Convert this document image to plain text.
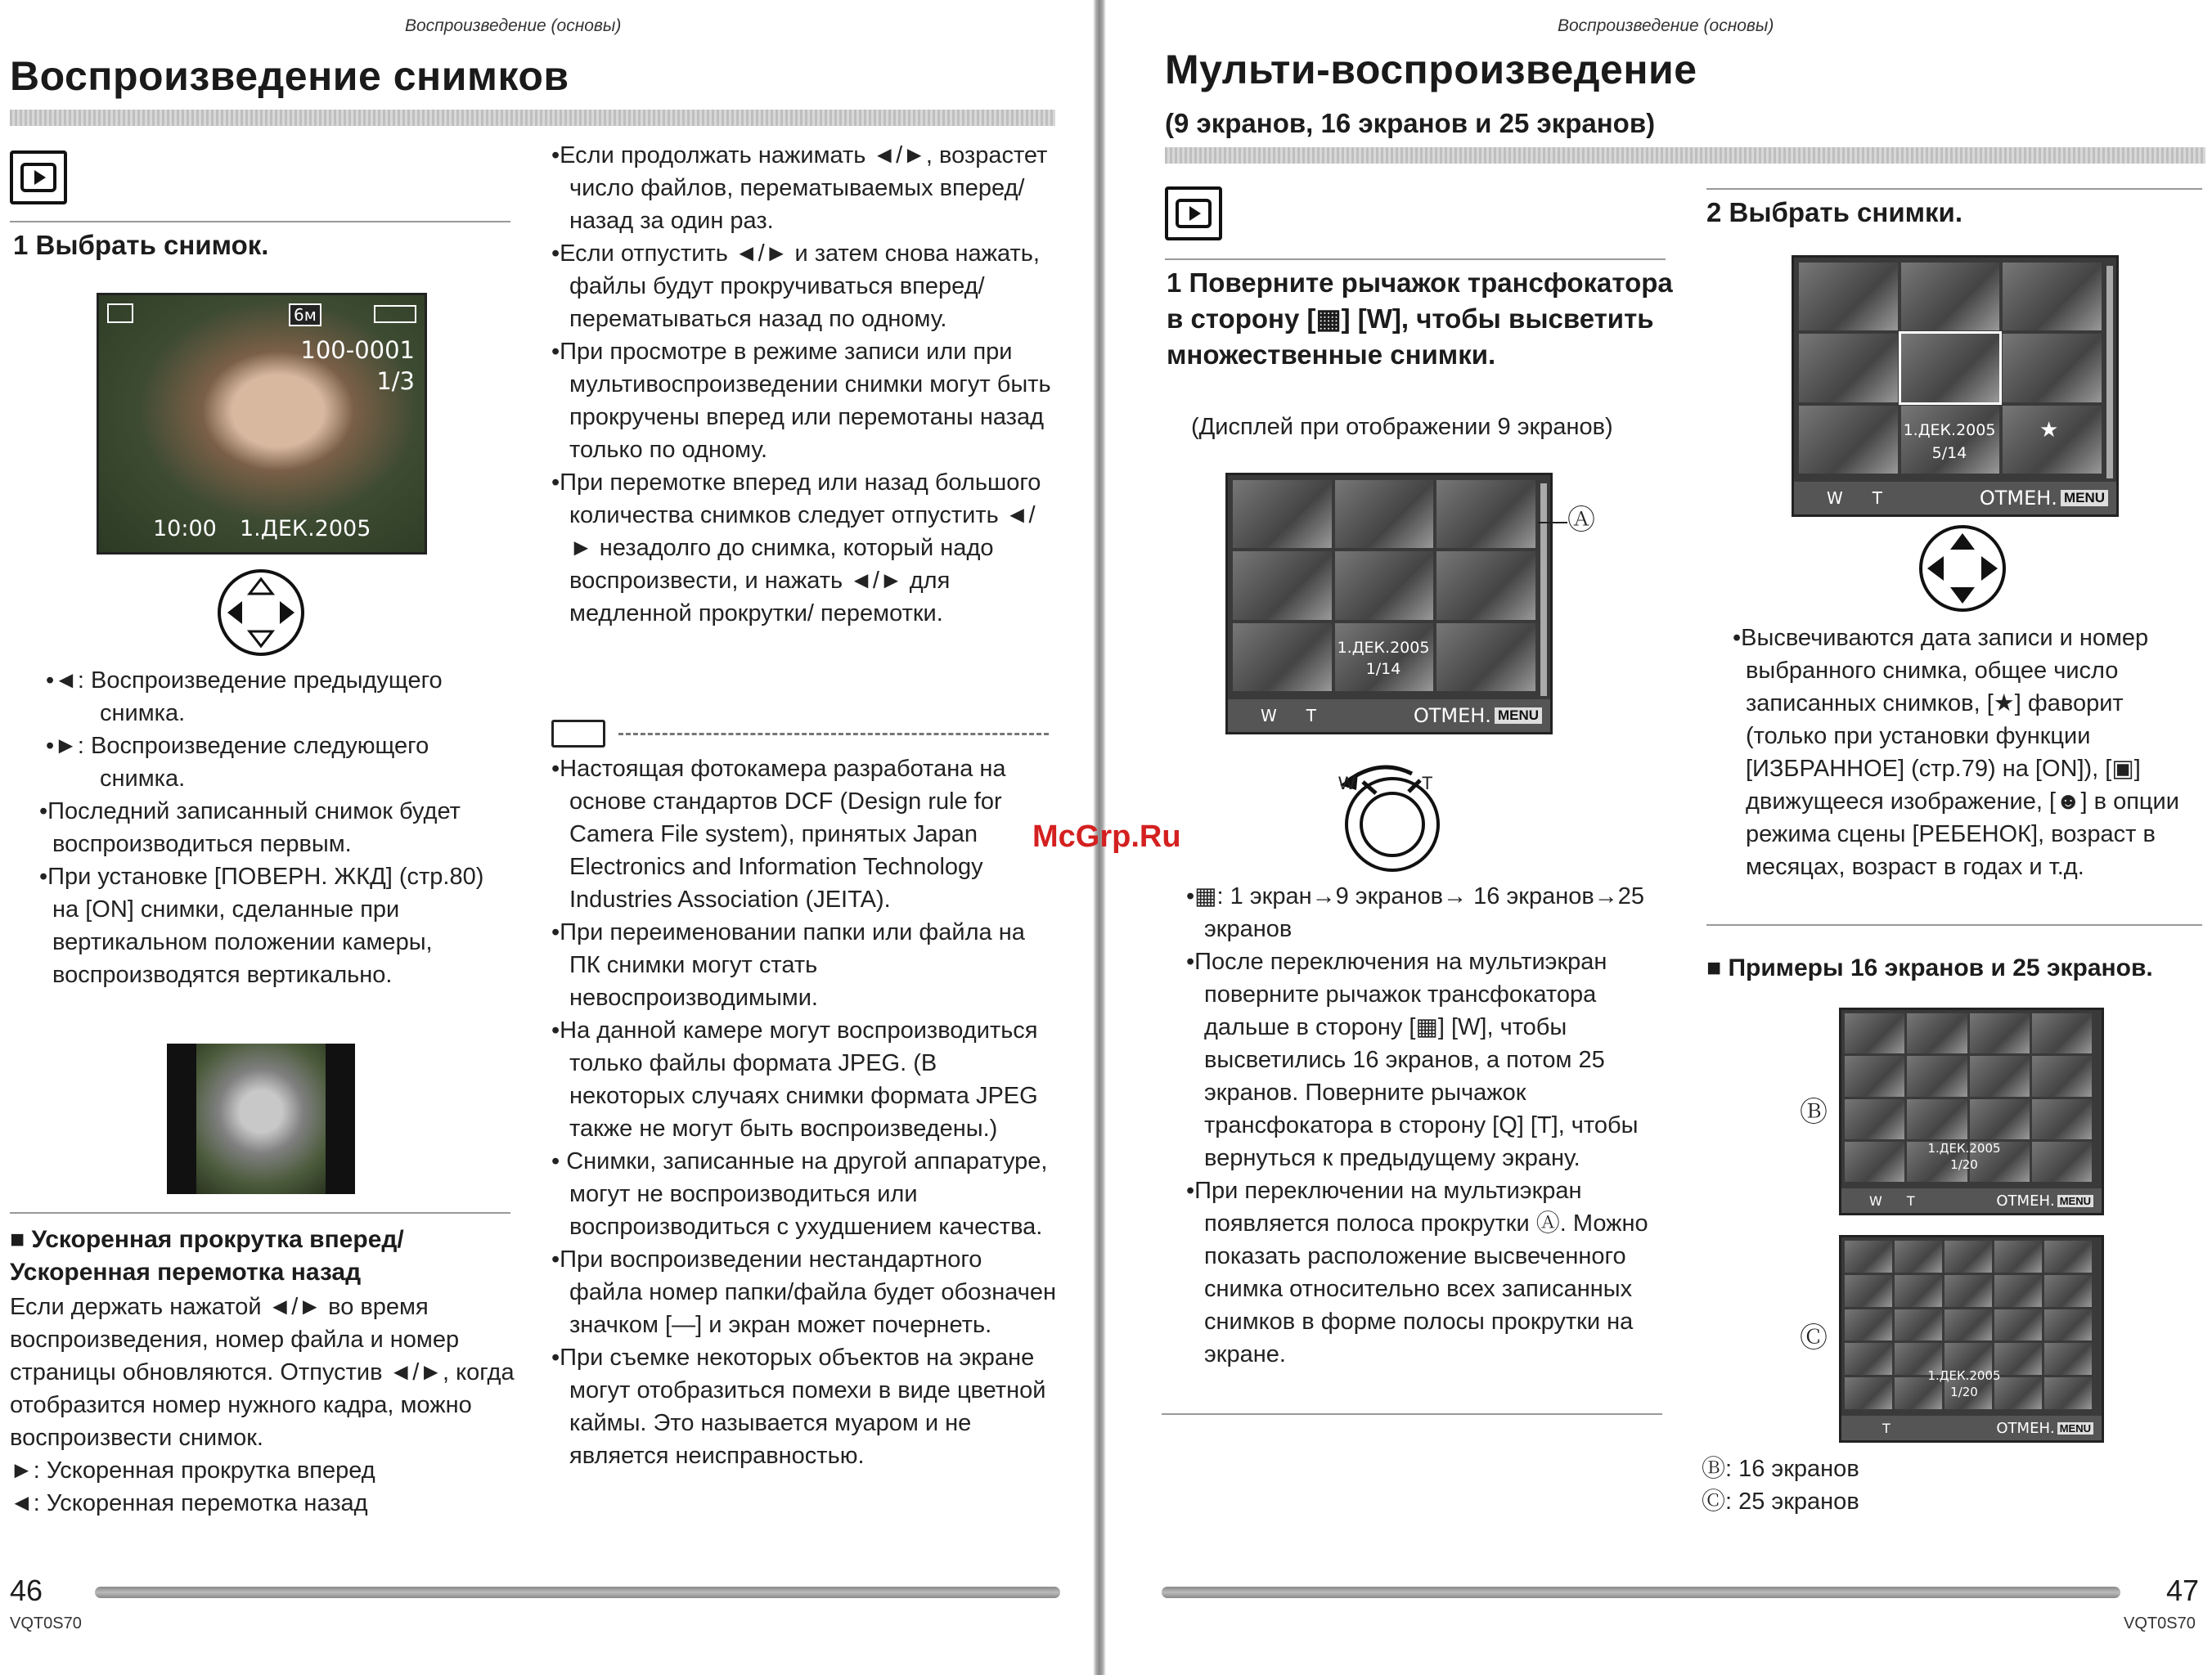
Воспроизведение (основы)
Воспроизведение снимков
1 Выбрать снимок.
6м
100-0001
1/3
10:00 1.ДЕК.2005

•◄: Воспроизведение предыдущего снимка.

•►: Воспроизведение следующего снимка.

•Последний записанный снимок будет воспроизводиться первым.

•При установке [ПОВЕРН. ЖКД] (стр.80) на [ON] снимки, сделанные при вертикальном положении камеры, воспроизводятся вертикально.

■ Ускоренная прокрутка вперед/ Ускоренная перемотка назад

Если держать нажатой ◄/► во время воспроизведения, номер файла и номер страницы обновляются. Отпустив ◄/►, когда отобразится номер нужного кадра, можно воспроизвести снимок.

►: Ускоренная прокрутка вперед

◄: Ускоренная перемотка назад

•Если продолжать нажимать ◄/►, возрастет число файлов, перематываемых вперед/назад за один раз.

•Если отпустить ◄/► и затем снова нажать, файлы будут прокручиваться вперед/перематываться назад по одному.

•При просмотре в режиме записи или при мультивоспроизведении снимки могут быть прокручены вперед или перемотаны назад только по одному.

•При перемотке вперед или назад большого количества снимков следует отпустить ◄/► незадолго до снимка, который надо воспроизвести, и нажать ◄/► для медленной прокрутки/ перемотки.

•Настоящая фотокамера разработана на основе стандартов DCF (Design rule for Camera File system), принятых Japan Electronics and Information Technology Industries Association (JEITA).

•При переименовании папки или файла на ПК снимки могут стать невоспроизводимыми.

•На данной камере могут воспроизводиться только файлы формата JPEG. (В некоторых случаях снимки формата JPEG также не могут быть воспроизведены.)

• Снимки, записанные на другой аппаратуре, могут не воспроизводиться или воспроизводиться с ухудшением качества.

•При воспроизведении нестандартного файла номер папки/файла будет обозначен значком [—] и экран может почернеть.

•При съемке некоторых объектов на экране могут отобразиться помехи в виде цветной каймы. Это называется муаром и не является неисправностью.

46
VQT0S70
Воспроизведение (основы)
Мульти-воспроизведение
(9 экранов, 16 экранов и 25 экранов)
1 Поверните рычажок трансфокатора в сторону [▦] [W], чтобы высветить множественные снимки.
(Дисплей при отображении 9 экранов)
1.ДЕК.2005
1/14
W T	ОТМЕН. MENU
Ⓐ
W	T

•▦: 1 экран→9 экранов→ 16 экранов→25 экранов

•После переключения на мультиэкран поверните рычажок трансфокатора дальше в сторону [▦] [W], чтобы высветились 16 экранов, а потом 25 экранов. Поверните рычажок трансфокатора в сторону [Q] [T], чтобы вернуться к предыдущему экрану.

•При переключении на мультиэкран появляется полоса прокрутки Ⓐ. Можно показать расположение высвеченного снимка относительно всех записанных снимков в форме полосы прокрутки на экране.

2 Выбрать снимки.
1.ДЕК.2005	★
5/14
W T	ОТМЕН. MENU
•Высвечиваются дата записи и номер выбранного снимка, общее число записанных снимков, [★] фаворит (только при установки функции [ИЗБРАННОЕ] (стр.79) на [ON]), [▣] движущееся изображение, [☻] в опции режима сцены [РЕБЕНОК], возраст в месяцах, возраст в годах и т.д.
■ Примеры 16 экранов и 25 экранов.
1.ДЕК.2005
1/20
W T	ОТМЕН. MENU
Ⓑ
1.ДЕК.2005
1/20
T	ОТМЕН. MENU
Ⓒ

Ⓑ: 16 экранов

Ⓒ: 25 экранов

47
VQT0S70
McGrp.Ru
